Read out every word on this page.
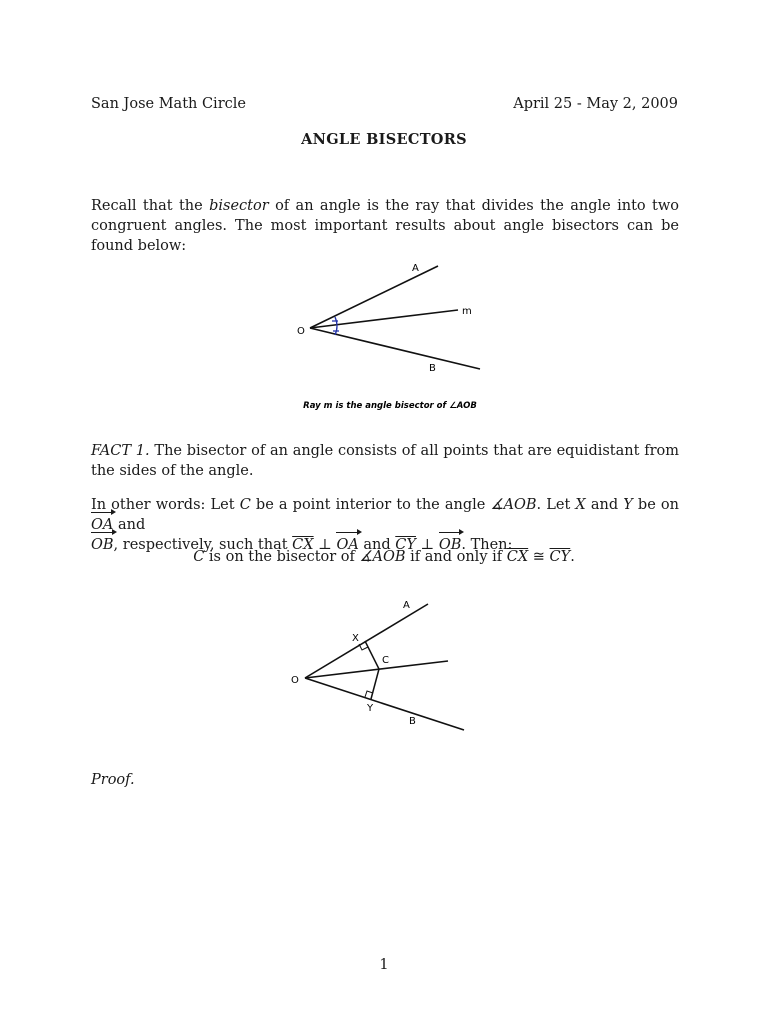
San Jose Math Circle	April 25 - May 2, 2009
ANGLE BISECTORS
Recall that the bisector of an angle is the ray that divides the angle into two congruent angles. The most important results about angle bisectors can be found below:
A
m
O
B
Ray m is the angle bisector of ∠AOB
FACT 1. The bisector of an angle consists of all points that are equidistant from the sides of the angle.
In other words: Let C be a point interior to the angle ∡AOB. Let X and Y be on OA and
OB, respectively, such that $\overline{CX}$ ⊥ OA and $\overline{CY}$ ⊥ OB. Then:
C is on the bisector of ∡AOB if and only if $\overline{CX}$ ≅ $\overline{CY}$.
A
X
C
O
Y
B
Proof.
1
